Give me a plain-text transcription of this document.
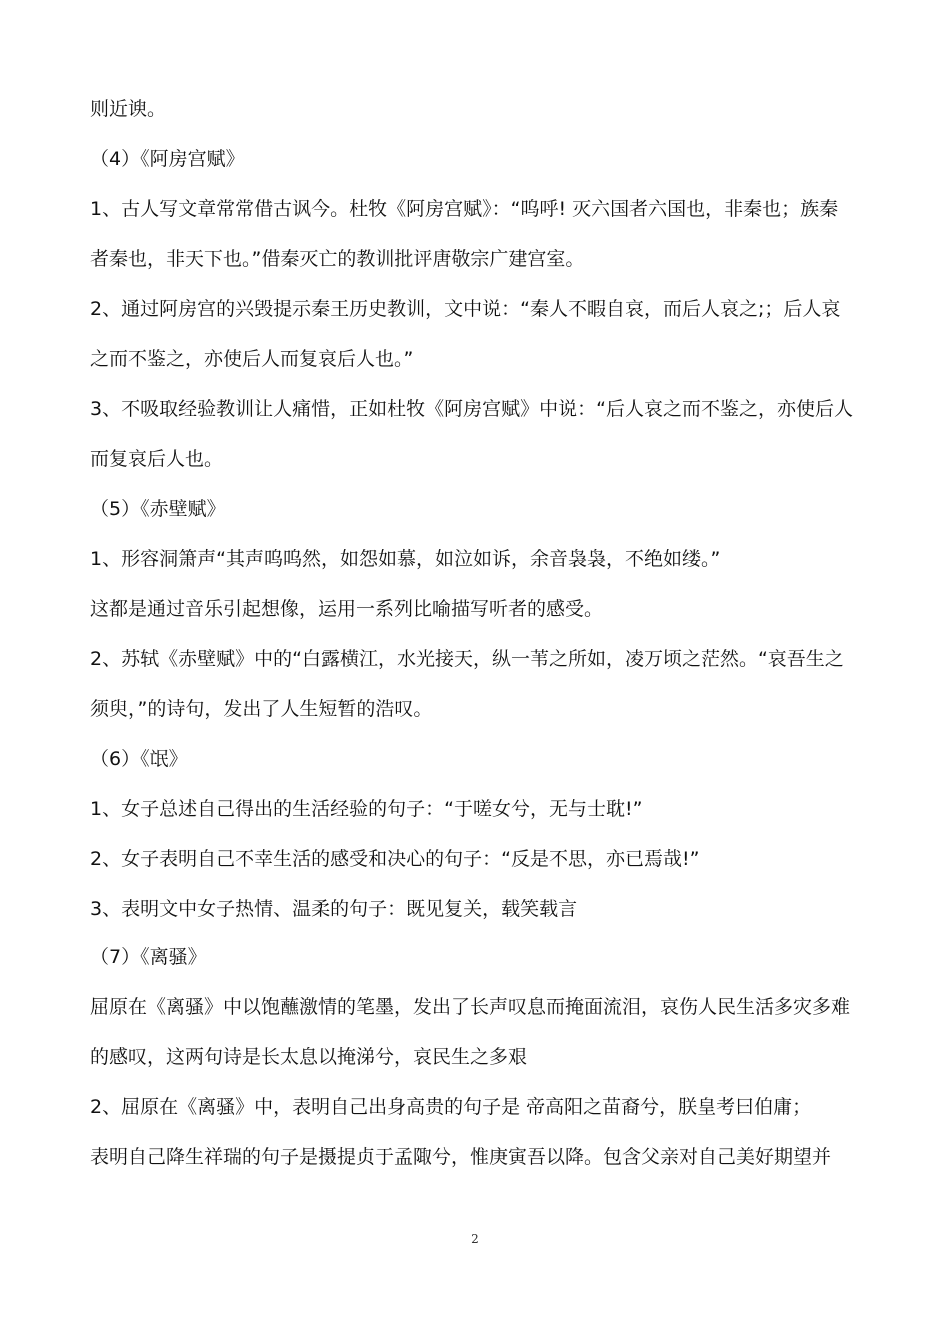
则近谀。
（4）《阿房宫赋》
1、古人写文章常常借古讽今。杜牧《阿房宫赋》：“呜呼! 灭六国者六国也，非秦也；族秦
者秦也，非天下也。”借秦灭亡的教训批评唐敬宗广建宫室。
2、通过阿房宫的兴毁提示秦王历史教训，文中说：“秦人不暇自哀，而后人哀之;；后人哀
之而不鉴之，亦使后人而复哀后人也。”
3、不吸取经验教训让人痛惜，正如杜牧《阿房宫赋》中说：“后人哀之而不鉴之，亦使后人
而复哀后人也。
（5）《赤壁赋》
1、形容洞箫声“其声呜呜然，如怨如慕，如泣如诉，余音袅袅，不绝如缕。”
这都是通过音乐引起想像，运用一系列比喻描写听者的感受。
2、苏轼《赤壁赋》中的“白露横江，水光接天，纵一苇之所如，凌万顷之茫然。“哀吾生之
须臾，”的诗句，发出了人生短暂的浩叹。
（6）《氓》
1、女子总述自己得出的生活经验的句子：“于嗟女兮，无与士耽!”
2、女子表明自己不幸生活的感受和决心的句子：“反是不思，亦已焉哉!”
3、表明文中女子热情、温柔的句子：既见复关，载笑载言
（7）《离骚》
屈原在《离骚》中以饱蘸激情的笔墨，发出了长声叹息而掩面流泪，哀伤人民生活多灾多难
的感叹，这两句诗是长太息以掩涕兮，哀民生之多艰
2、屈原在《离骚》中，表明自己出身高贵的句子是 帝高阳之苗裔兮，朕皇考曰伯庸；
表明自己降生祥瑞的句子是摄提贞于孟陬兮，惟庚寅吾以降。包含父亲对自己美好期望并
2
